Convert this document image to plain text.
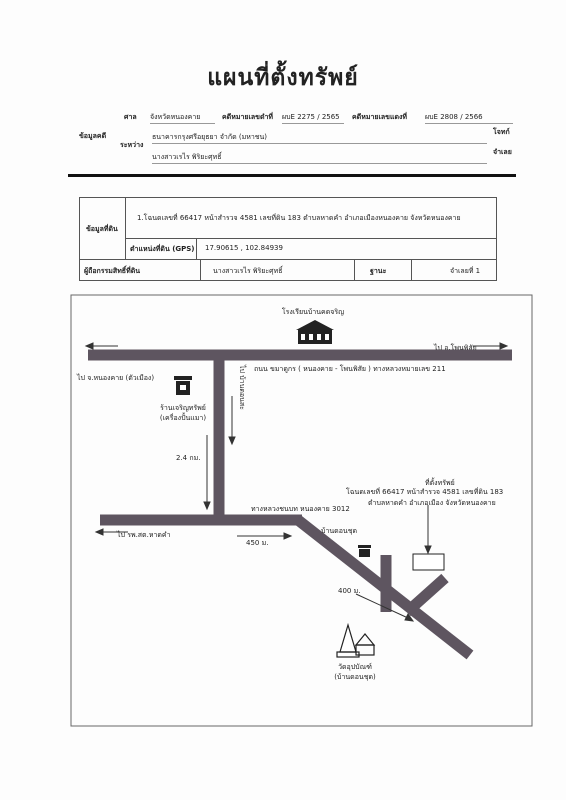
แผนที่ตั้งทรัพย์
ข้อมูลคดี
ศาล จังหวัดหนองคาย	คดีหมายเลขดำที่ ผบE 2275 / 2565	คดีหมายเลขแดงที่	ผบE 2808 / 2566
ระหว่าง
ธนาคารกรุงศรีอยุธยา จำกัด (มหาชน)
โจทก์
นางสาวเรไร พิริยะศุทธิ์
จำเลย
ข้อมูลที่ดิน
1.โฉนดเลขที่ 66417 หน้าสำรวจ 4581 เลขที่ดิน 183 ตำบลหาดคำ อำเภอเมืองหนองคาย จังหวัดหนองคาย
ตำแหน่งที่ดิน (GPS) 17.90615 , 102.84939
ผู้ถือกรรมสิทธิ์ที่ดิน	นางสาวเรไร พิริยะศุทธิ์	ฐานะ	จำเลยที่ 1
โรงเรียนบ้านคดจริญ
ไป อ.โพนพิสัย
ไป จ.หนองคาย (ตัวเมือง)
ถนน ขมาดูกร ( หนองคาย - โพนพิสัย ) ทางหลวงหมายเลข 211
ร้านเจริญทรัพย์
(เครื่องปั้นแมา)
ไป บ้านดอนสะ
2.4 กม.
ที่ตั้งทรัพย์
โฉนดเลขที่ 66417 หน้าสำรวจ 4581 เลขที่ดิน 183
ตำบลหาดคำ อำเภอเมือง จังหวัดหนองคาย
ทางหลวงชนบท หนองคาย 3012
ไป รพ.สต.หาดคำ
450 ม.
บ้านดอนชุด
400 ม.
วัดอุปบัณฑ์
(บ้านดอนชุด)
